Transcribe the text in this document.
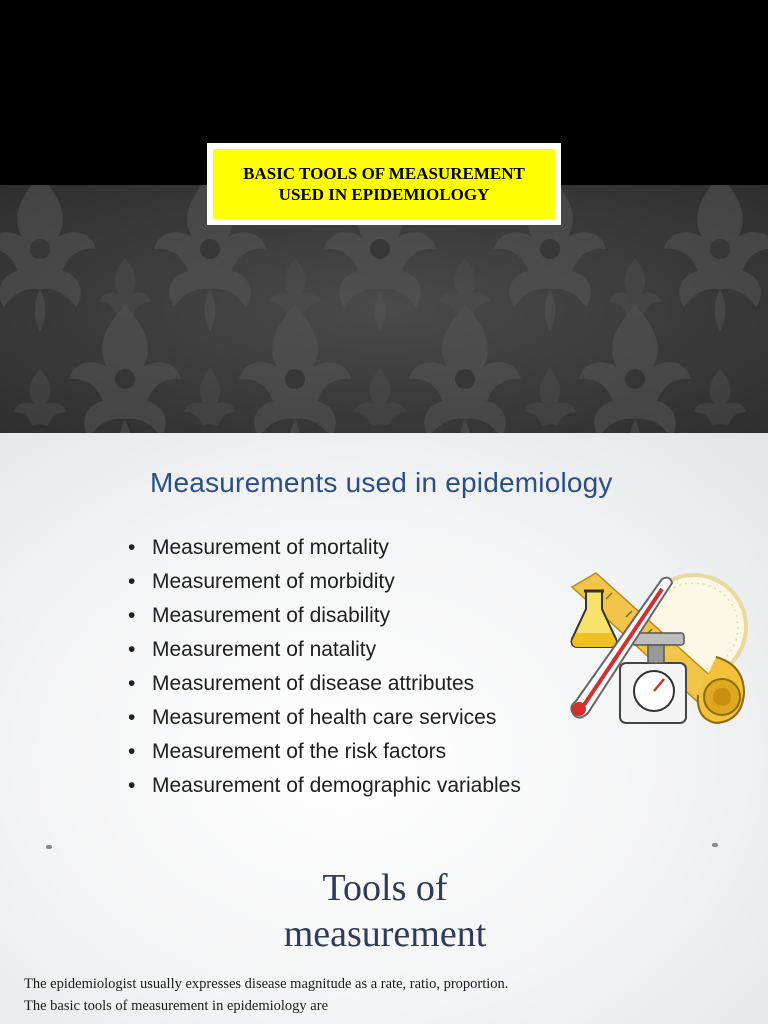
BASIC TOOLS OF MEASUREMENT
USED IN EPIDEMIOLOGY
Measurements used in epidemiology
• Measurement of mortality
• Measurement of morbidity
• Measurement of disability
• Measurement of natality
• Measurement of disease attributes
• Measurement of health care services
• Measurement of the risk factors
• Measurement of demographic variables
Tools of
measurement
The epidemiologist usually expresses disease magnitude as a rate, ratio, proportion.
The basic tools of measurement in epidemiology are
